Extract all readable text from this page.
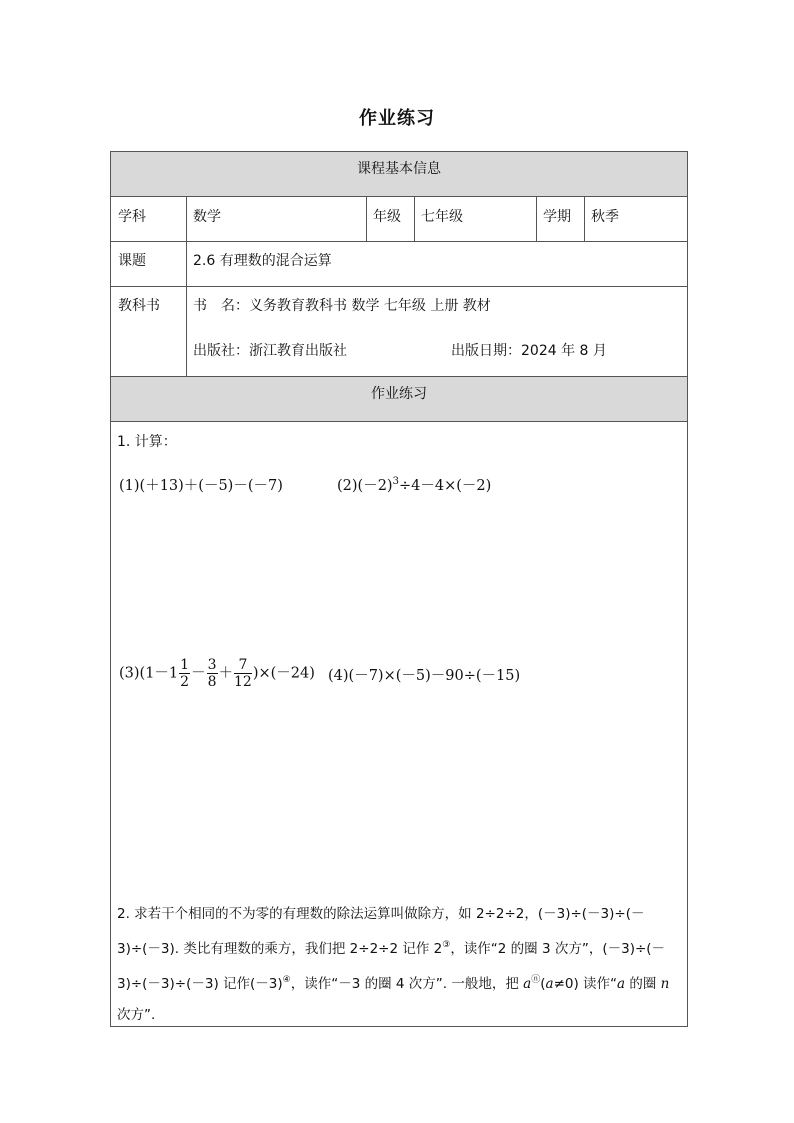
作业练习
课程基本信息
学科	数学	年级 七年级	学期 秋季
课题	2.6 有理数的混合运算
教科书 书　名：义务教育教科书 数学 七年级 上册 教材
出版社：浙江教育出版社	出版日期：2024 年 8 月
作业练习
1. 计算：
(1)(＋13)＋(－5)－(－7)	$(2)(-2)^3\div 4-4\times(-2)$
$(3)(1-1 \frac{1}{2} - \frac{3}{8} + \frac{7}{12} )\times(-24)$ (4)(－7)×(－5)－90÷(－15)
2. 求若干个相同的不为零的有理数的除法运算叫做除方，如 2÷2÷2，(－3)÷(－3)÷(－3)÷(－3). 类比有理数的乘方，我们把 2÷2÷2 记作 2③，读作“2 的圈 3 次方”，(－3)÷(－3)÷(－3)÷(－3) 记作(－3)④，读作“－3 的圈 4 次方”. 一般地，把 aⓝ(a≠0) 读作“a 的圈 n 次方”.
